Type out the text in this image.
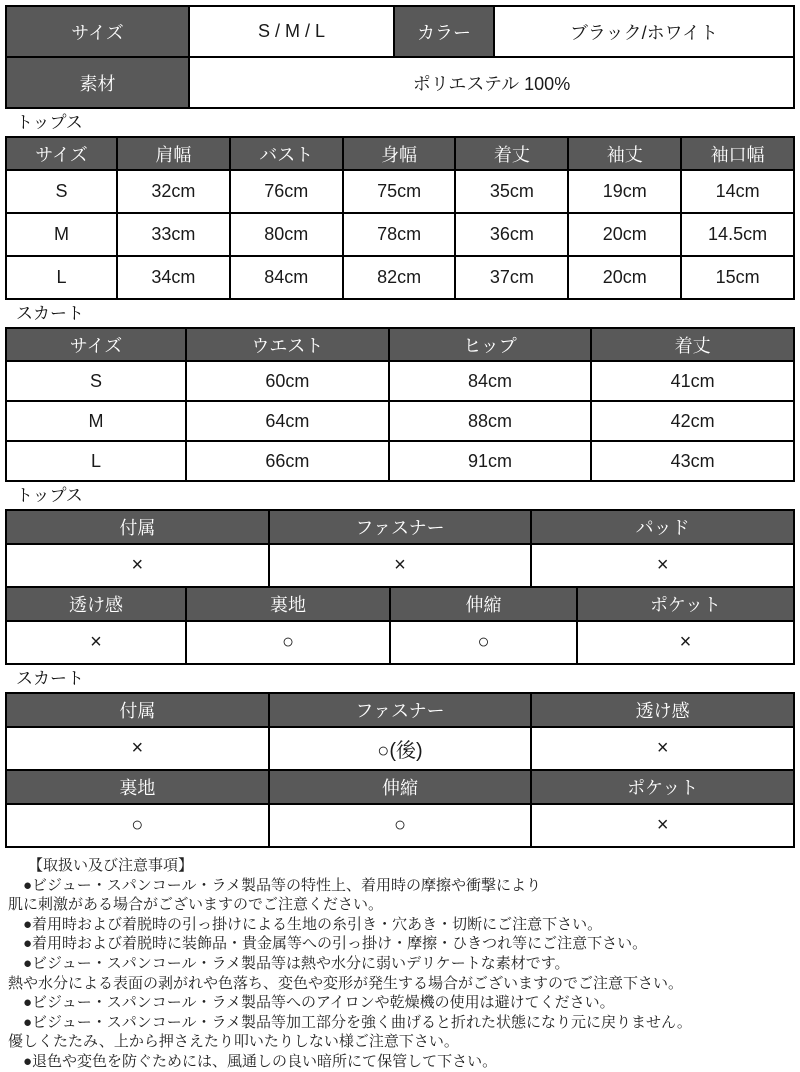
サイズ	S / M / L	カラー	ブラック/ホワイト
素材	ポリエステル 100%		
トップス
サイズ	肩幅	バスト	身幅	着丈	袖丈	袖口幅
S	32cm	76cm	75cm	35cm	19cm	14cm
M	33cm	80cm	78cm	36cm	20cm	14.5cm
L	34cm	84cm	82cm	37cm	20cm	15cm
スカート
サイズ	ウエスト	ヒップ	着丈
S	60cm	84cm	41cm
M	64cm	88cm	42cm
L	66cm	91cm	43cm
トップス
付属	ファスナー	パッド
×	×	×
透け感	裏地	伸縮	ポケット
×	○	○	×
スカート
付属	ファスナー	透け感
×	○(後)	×
裏地	伸縮	ポケット
○	○	×
【取扱い及び注意事項】
●ビジュー・スパンコール・ラメ製品等の特性上、着用時の摩擦や衝撃により
肌に刺激がある場合がございますのでご注意ください。
●着用時および着脱時の引っ掛けによる生地の糸引き・穴あき・切断にご注意下さい。
●着用時および着脱時に装飾品・貴金属等への引っ掛け・摩擦・ひきつれ等にご注意下さい。
●ビジュー・スパンコール・ラメ製品等は熱や水分に弱いデリケートな素材です。
熱や水分による表面の剥がれや色落ち、変色や変形が発生する場合がございますのでご注意下さい。
●ビジュー・スパンコール・ラメ製品等へのアイロンや乾燥機の使用は避けてください。
●ビジュー・スパンコール・ラメ製品等加工部分を強く曲げると折れた状態になり元に戻りません。
優しくたたみ、上から押さえたり叩いたりしない様ご注意下さい。
●退色や変色を防ぐためには、風通しの良い暗所にて保管して下さい。
